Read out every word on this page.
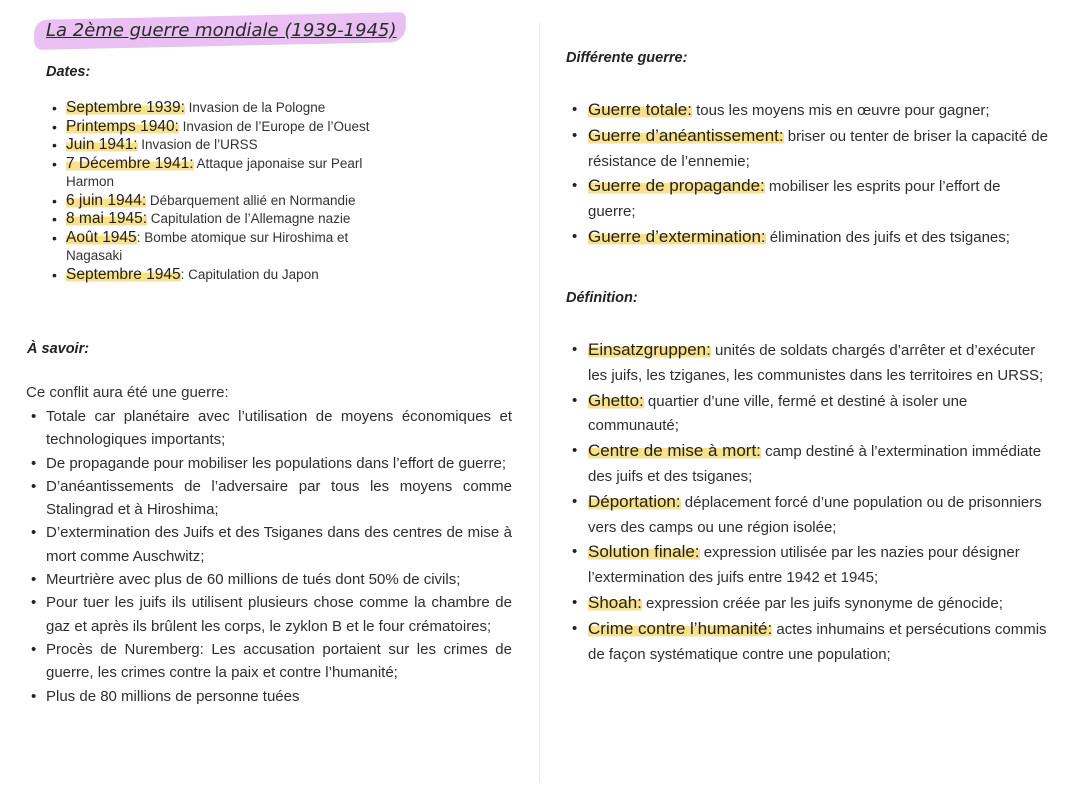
La 2ème guerre mondiale (1939-1945)
Dates:
• Septembre 1939: Invasion de la Pologne
• Printemps 1940: Invasion de l’Europe de l’Ouest
• Juin 1941: Invasion de l’URSS
• 7 Décembre 1941: Attaque japonaise sur Pearl Harmon
• 6 juin 1944: Débarquement allié en Normandie
• 8 mai 1945: Capitulation de l’Allemagne nazie
• Août 1945: Bombe atomique sur Hiroshima et Nagasaki
• Septembre 1945: Capitulation du Japon
À savoir:
Ce conflit aura été une guerre:
• Totale car planétaire avec l’utilisation de moyens économiques et technologiques importants;
• De propagande pour mobiliser les populations dans l’effort de guerre;
• D’anéantissements de l’adversaire par tous les moyens comme Stalingrad et à Hiroshima;
• D’extermination des Juifs et des Tsiganes dans des centres de mise à mort comme Auschwitz;
• Meurtrière avec plus de 60 millions de tués dont 50% de civils;
• Pour tuer les juifs ils utilisent plusieurs chose comme la chambre de gaz et après ils brûlent les corps, le zyklon B et le four crématoires;
• Procès de Nuremberg: Les accusation portaient sur les crimes de guerre, les crimes contre la paix et contre l’humanité;
• Plus de 80 millions de personne tuées
Différente guerre:
• Guerre totale: tous les moyens mis en œuvre pour gagner;
• Guerre d’anéantissement: briser ou tenter de briser la capacité de résistance de l’ennemie;
• Guerre de propagande: mobiliser les esprits pour l’effort de guerre;
• Guerre d’extermination: élimination des juifs et des tsiganes;
Définition:
• Einsatzgruppen: unités de soldats chargés d’arrêter et d’exécuter les juifs, les tziganes, les communistes dans les territoires en URSS;
• Ghetto: quartier d’une ville, fermé et destiné à isoler une communauté;
• Centre de mise à mort: camp destiné à l’extermination immédiate des juifs et des tsiganes;
• Déportation: déplacement forcé d’une population ou de prisonniers vers des camps ou une région isolée;
• Solution finale: expression utilisée par les nazies pour désigner l’extermination des juifs entre 1942 et 1945;
• Shoah: expression créée par les juifs synonyme de génocide;
• Crime contre l’humanité: actes inhumains et persécutions commis de façon systématique contre une population;
